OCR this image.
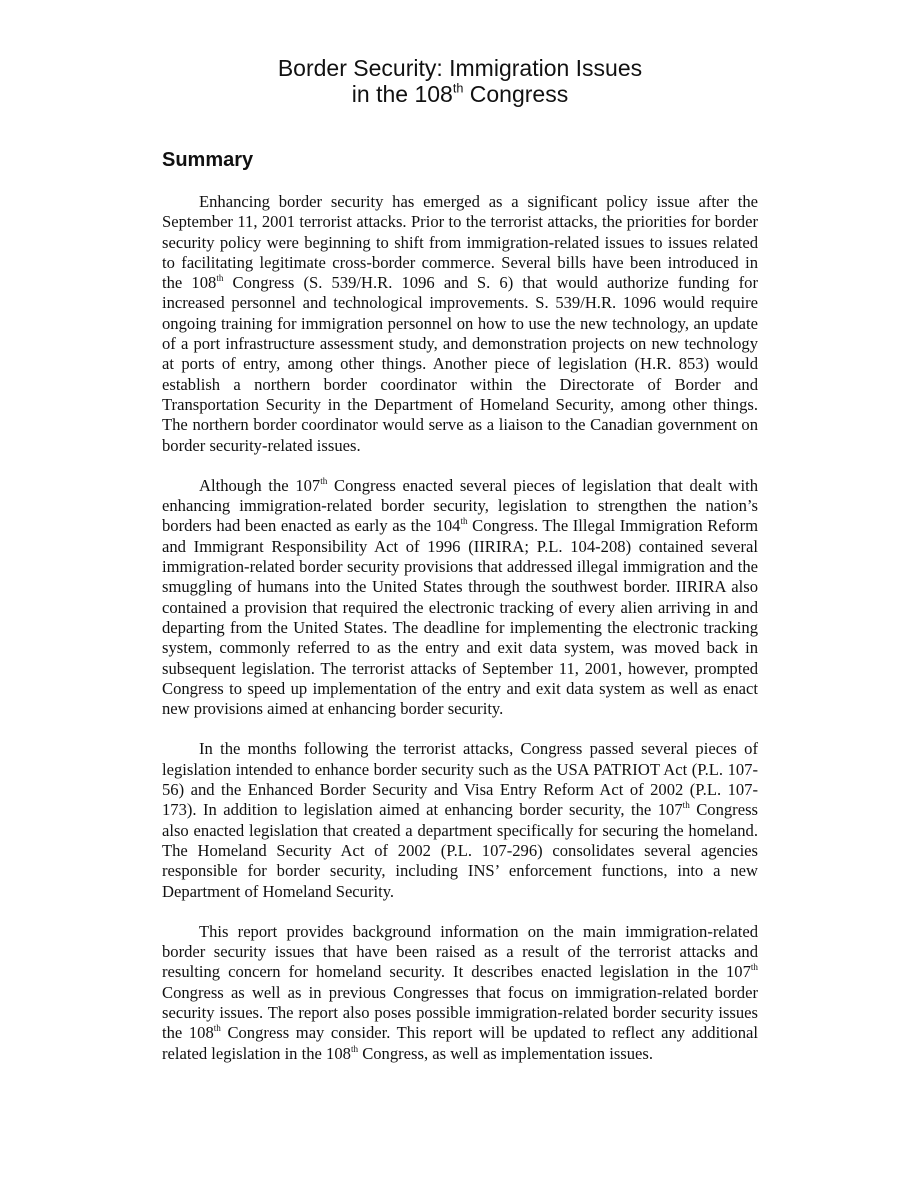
Border Security: Immigration Issues
in the 108th Congress
Summary

Enhancing border security has emerged as a significant policy issue after the September 11, 2001 terrorist attacks. Prior to the terrorist attacks, the priorities for border security policy were beginning to shift from immigration-related issues to issues related to facilitating legitimate cross-border commerce. Several bills have been introduced in the 108th Congress (S. 539/H.R. 1096 and S. 6) that would authorize funding for increased personnel and technological improvements. S. 539/H.R. 1096 would require ongoing training for immigration personnel on how to use the new technology, an update of a port infrastructure assessment study, and demonstration projects on new technology at ports of entry, among other things. Another piece of legislation (H.R. 853) would establish a northern border coordinator within the Directorate of Border and Transportation Security in the Department of Homeland Security, among other things. The northern border coordinator would serve as a liaison to the Canadian government on border security-related issues.

Although the 107th Congress enacted several pieces of legislation that dealt with enhancing immigration-related border security, legislation to strengthen the nation’s borders had been enacted as early as the 104th Congress. The Illegal Immigration Reform and Immigrant Responsibility Act of 1996 (IIRIRA; P.L. 104-208) contained several immigration-related border security provisions that addressed illegal immigration and the smuggling of humans into the United States through the southwest border. IIRIRA also contained a provision that required the electronic tracking of every alien arriving in and departing from the United States. The deadline for implementing the electronic tracking system, commonly referred to as the entry and exit data system, was moved back in subsequent legislation. The terrorist attacks of September 11, 2001, however, prompted Congress to speed up implementation of the entry and exit data system as well as enact new provisions aimed at enhancing border security.

In the months following the terrorist attacks, Congress passed several pieces of legislation intended to enhance border security such as the USA PATRIOT Act (P.L. 107-56) and the Enhanced Border Security and Visa Entry Reform Act of 2002 (P.L. 107-173). In addition to legislation aimed at enhancing border security, the 107th Congress also enacted legislation that created a department specifically for securing the homeland. The Homeland Security Act of 2002 (P.L. 107-296) consolidates several agencies responsible for border security, including INS’ enforcement functions, into a new Department of Homeland Security.

This report provides background information on the main immigration-related border security issues that have been raised as a result of the terrorist attacks and resulting concern for homeland security. It describes enacted legislation in the 107th Congress as well as in previous Congresses that focus on immigration-related border security issues. The report also poses possible immigration-related border security issues the 108th Congress may consider. This report will be updated to reflect any additional related legislation in the 108th Congress, as well as implementation issues.
